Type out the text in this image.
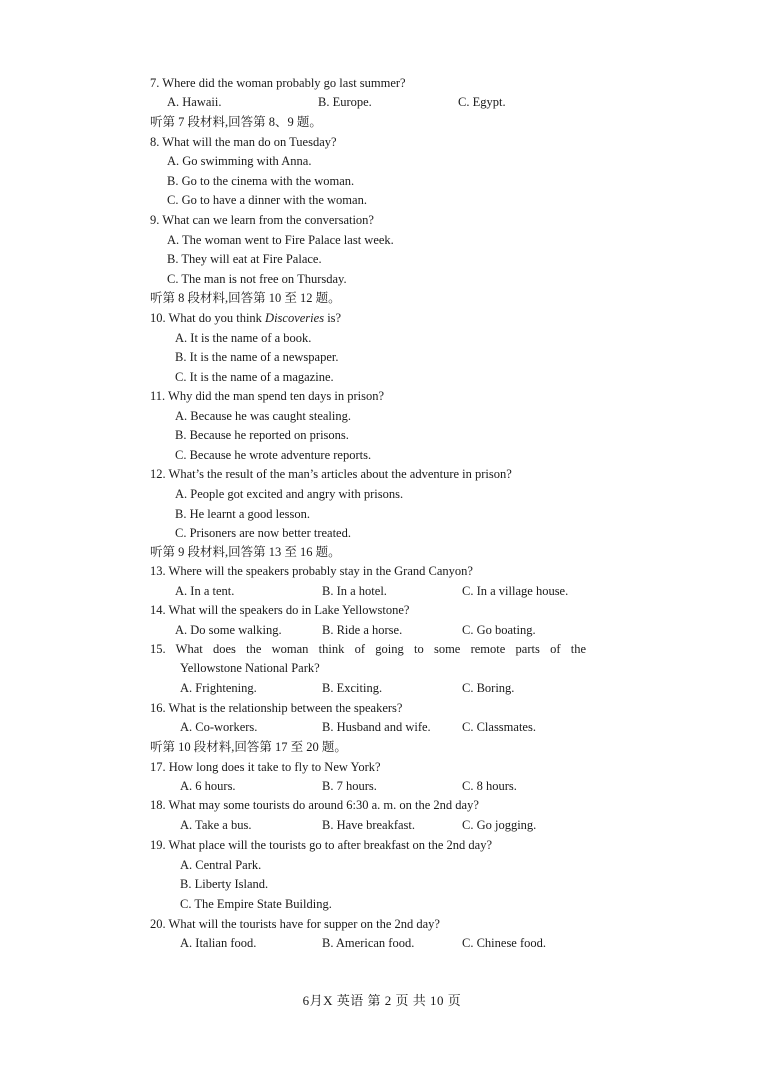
7. Where did the woman probably go last summer?
A. Hawaii.	B. Europe.	C. Egypt.
听第 7 段材料,回答第 8、9 题。
8. What will the man do on Tuesday?
A. Go swimming with Anna.
B. Go to the cinema with the woman.
C. Go to have a dinner with the woman.
9. What can we learn from the conversation?
A. The woman went to Fire Palace last week.
B. They will eat at Fire Palace.
C. The man is not free on Thursday.
听第 8 段材料,回答第 10 至 12 题。
10. What do you think Discoveries is?
A. It is the name of a book.
B. It is the name of a newspaper.
C. It is the name of a magazine.
11. Why did the man spend ten days in prison?
A. Because he was caught stealing.
B. Because he reported on prisons.
C. Because he wrote adventure reports.
12. What’s the result of the man’s articles about the adventure in prison?
A. People got excited and angry with prisons.
B. He learnt a good lesson.
C. Prisoners are now better treated.
听第 9 段材料,回答第 13 至 16 题。
13. Where will the speakers probably stay in the Grand Canyon?
A. In a tent.	B. In a hotel.	C. In a village house.
14. What will the speakers do in Lake Yellowstone?
A. Do some walking.	B. Ride a horse.	C. Go boating.
15. What does the woman think of going to some remote parts of the
Yellowstone National Park?
A. Frightening.	B. Exciting.	C. Boring.
16. What is the relationship between the speakers?
A. Co-workers.	B. Husband and wife.	C. Classmates.
听第 10 段材料,回答第 17 至 20 题。
17. How long does it take to fly to New York?
A. 6 hours.	B. 7 hours.	C. 8 hours.
18. What may some tourists do around 6:30 a. m. on the 2nd day?
A. Take a bus.	B. Have breakfast.	C. Go jogging.
19. What place will the tourists go to after breakfast on the 2nd day?
A. Central Park.
B. Liberty Island.
C. The Empire State Building.
20. What will the tourists have for supper on the 2nd day?
A. Italian food.	B. American food.	C. Chinese food.
6月X 英语 第 2 页 共 10 页
